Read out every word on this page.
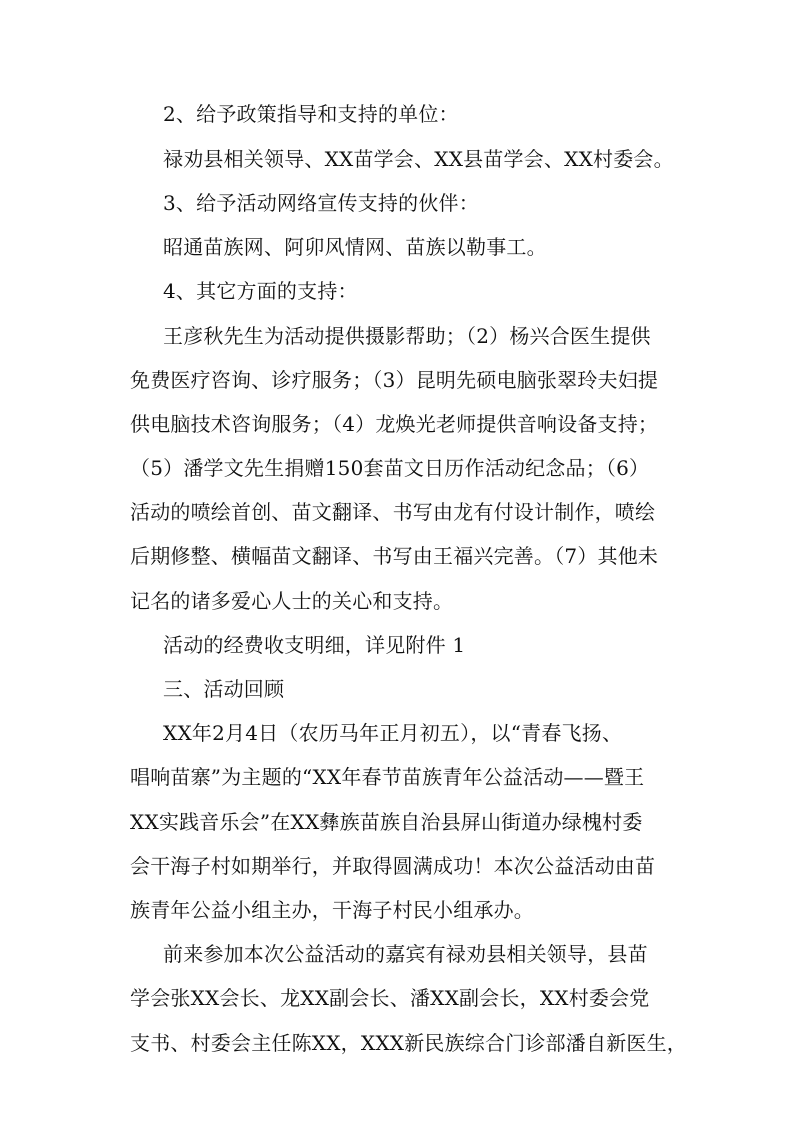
2、给予政策指导和支持的单位：
禄劝县相关领导、XX苗学会、XX县苗学会、XX村委会。
3、给予活动网络宣传支持的伙伴：
昭通苗族网、阿卯风情网、苗族以勒事工。
4、其它方面的支持：
王彦秋先生为活动提供摄影帮助；（2）杨兴合医生提供
免费医疗咨询、诊疗服务；（3）昆明先硕电脑张翠玲夫妇提
供电脑技术咨询服务；（4）龙焕光老师提供音响设备支持；
（5）潘学文先生捐赠150套苗文日历作活动纪念品；（6）
活动的喷绘首创、苗文翻译、书写由龙有付设计制作，喷绘
后期修整、横幅苗文翻译、书写由王福兴完善。（7）其他未
记名的诸多爱心人士的关心和支持。
活动的经费收支明细，详见附件 1
三、活动回顾
XX年2月4日（农历马年正月初五），以“青春飞扬、
唱响苗寨”为主题的“XX年春节苗族青年公益活动——暨王
XX实践音乐会”在XX彝族苗族自治县屏山街道办绿槐村委
会干海子村如期举行，并取得圆满成功！本次公益活动由苗
族青年公益小组主办，干海子村民小组承办。
前来参加本次公益活动的嘉宾有禄劝县相关领导，县苗
学会张XX会长、龙XX副会长、潘XX副会长，XX村委会党
支书、村委会主任陈XX，XXX新民族综合门诊部潘自新医生，
